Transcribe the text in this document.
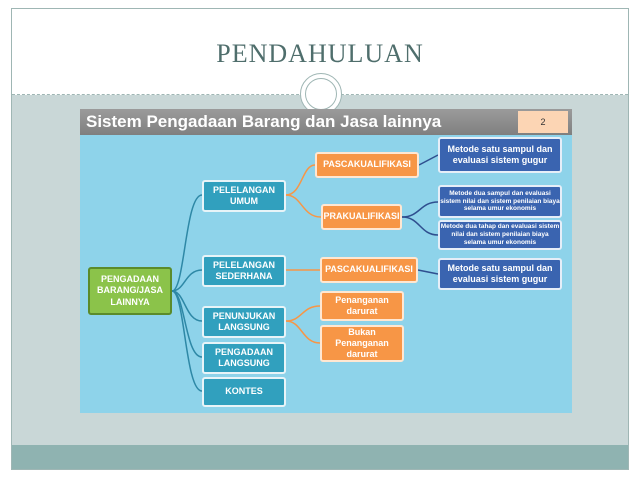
PENDAHULUAN
Sistem Pengadaan Barang dan Jasa lainnya	2
PENGADAAN BARANG/JASA LAINNYA
PELELANGAN UMUM
PELELANGAN SEDERHANA
PENUNJUKAN LANGSUNG
PENGADAAN LANGSUNG
KONTES
PASCAKUALIFIKASI
PRAKUALIFIKASI
PASCAKUALIFIKASI
Penanganan darurat
Bukan Penanganan darurat
Metode satu sampul dan evaluasi sistem gugur
Metode dua sampul dan evaluasi sistem nilai dan sistem penilaian biaya selama umur ekonomis
Metode dua tahap dan evaluasi sistem nilai dan sistem penilaian biaya selama umur ekonomis
Metode satu sampul dan evaluasi sistem gugur
